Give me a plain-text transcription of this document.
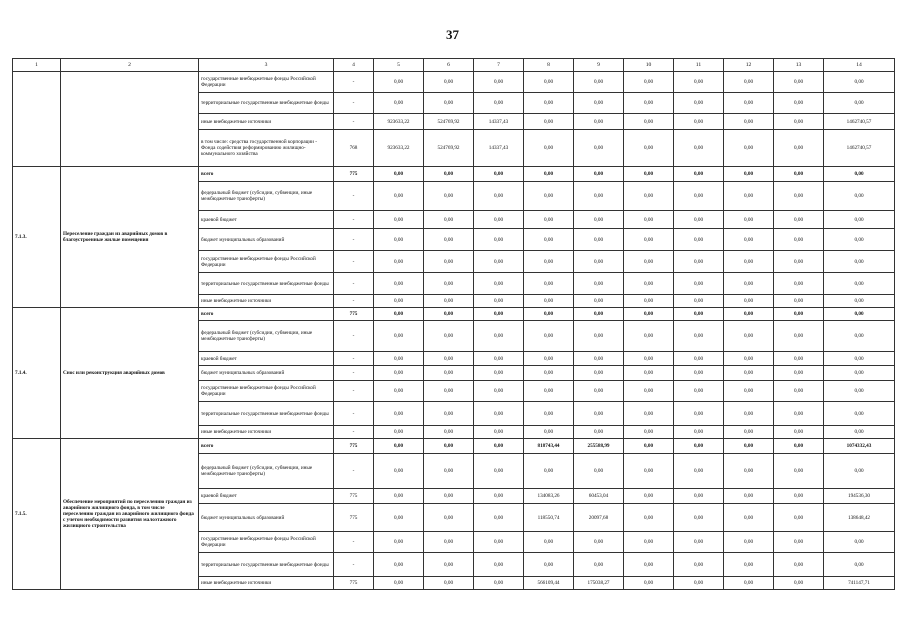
37
1	2	3	4	5	6	7	8	9	10	11	12	13	14
		государственные внебюджетные фонды Российской Федерации	-	0,00	0,00	0,00	0,00	0,00	0,00	0,00	0,00	0,00	0,00
		территориальные государственные внебюджетные фонды	-	0,00	0,00	0,00	0,00	0,00	0,00	0,00	0,00	0,00	0,00
		иные внебюджетные источники	-	923633,22	524769,92	14337,43	0,00	0,00	0,00	0,00	0,00	0,00	1462740,57
		в том числе: средства государственной корпорации - Фонда содействия реформированию жилищно-коммунального хозяйства	768	923633,22	524769,92	14337,43	0,00	0,00	0,00	0,00	0,00	0,00	1462740,57
7.1.3.	Переселение граждан из аварийных домов в благоустроенные жилые помещения	всего	775	0,00	0,00	0,00	0,00	0,00	0,00	0,00	0,00	0,00	0,00
		федеральный бюджет (субсидии, субвенции, иные межбюджетные трансферты)	-	0,00	0,00	0,00	0,00	0,00	0,00	0,00	0,00	0,00	0,00
		краевой бюджет	-	0,00	0,00	0,00	0,00	0,00	0,00	0,00	0,00	0,00	0,00
		бюджет муниципальных образований	-	0,00	0,00	0,00	0,00	0,00	0,00	0,00	0,00	0,00	0,00
		государственные внебюджетные фонды Российской Федерации	-	0,00	0,00	0,00	0,00	0,00	0,00	0,00	0,00	0,00	0,00
		территориальные государственные внебюджетные фонды	-	0,00	0,00	0,00	0,00	0,00	0,00	0,00	0,00	0,00	0,00
		иные внебюджетные источники	-	0,00	0,00	0,00	0,00	0,00	0,00	0,00	0,00	0,00	0,00
7.1.4.	Снос или реконструкция аварийных домов	всего	775	0,00	0,00	0,00	0,00	0,00	0,00	0,00	0,00	0,00	0,00
		федеральный бюджет (субсидии, субвенции, иные межбюджетные трансферты)	-	0,00	0,00	0,00	0,00	0,00	0,00	0,00	0,00	0,00	0,00
		краевой бюджет	-	0,00	0,00	0,00	0,00	0,00	0,00	0,00	0,00	0,00	0,00
		бюджет муниципальных образований	-	0,00	0,00	0,00	0,00	0,00	0,00	0,00	0,00	0,00	0,00
		государственные внебюджетные фонды Российской Федерации	-	0,00	0,00	0,00	0,00	0,00	0,00	0,00	0,00	0,00	0,00
		территориальные государственные внебюджетные фонды	-	0,00	0,00	0,00	0,00	0,00	0,00	0,00	0,00	0,00	0,00
		иные внебюджетные источники	-	0,00	0,00	0,00	0,00	0,00	0,00	0,00	0,00	0,00	0,00
7.1.5.	Обеспечение мероприятий по переселению граждан из аварийного жилищного фонда, в том числе переселению граждан из аварийного жилищного фонда с учетом необходимости развития малоэтажного жилищного строительства	всего	775	0,00	0,00	0,00	818743,44	255588,99	0,00	0,00	0,00	0,00	1074332,43
		федеральный бюджет (субсидии, субвенции, иные межбюджетные трансферты)	-	0,00	0,00	0,00	0,00	0,00	0,00	0,00	0,00	0,00	0,00
		краевой бюджет	775	0,00	0,00	0,00	134083,26	60453,04	0,00	0,00	0,00	0,00	194536,30
		бюджет муниципальных образований	775	0,00	0,00	0,00	118550,74	20097,68	0,00	0,00	0,00	0,00	138648,42
		государственные внебюджетные фонды Российской Федерации	-	0,00	0,00	0,00	0,00	0,00	0,00	0,00	0,00	0,00	0,00
		территориальные государственные внебюджетные фонды	-	0,00	0,00	0,00	0,00	0,00	0,00	0,00	0,00	0,00	0,00
		иные внебюджетные источники	775	0,00	0,00	0,00	566109,44	175038,27	0,00	0,00	0,00	0,00	741147,71
